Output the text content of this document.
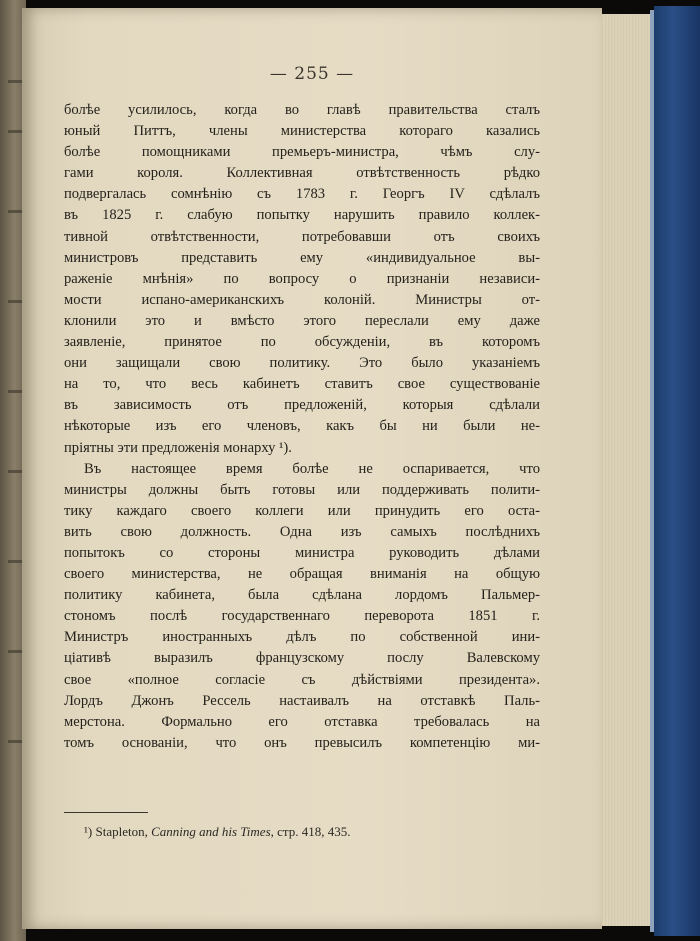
— 255 —
болѣе усилилось, когда во главѣ правительства сталъ
юный Питтъ, члены министерства котораго казались
болѣе помощниками премьеръ-министра, чѣмъ слу-
гами короля. Коллективная отвѣтственность рѣдко
подвергалась сомнѣнію съ 1783 г. Георгъ IV сдѣлалъ
въ 1825 г. слабую попытку нарушить правило коллек-
тивной отвѣтственности, потребовавши отъ своихъ
министровъ представить ему «индивидуальное вы-
раженіе мнѣнія» по вопросу о признаніи независи-
мости испано-американскихъ колоній. Министры от-
клонили это и вмѣсто этого переслали ему даже
заявленіе, принятое по обсужденіи, въ которомъ
они защищали свою политику. Это было указаніемъ
на то, что весь кабинетъ ставитъ свое существованіе
въ зависимость отъ предложеній, которыя сдѣлали
нѣкоторые изъ его членовъ, какъ бы ни были не-
пріятны эти предложенія монарху ¹).
Въ настоящее время болѣе не оспаривается, что
министры должны быть готовы или поддерживать полити-
тику каждаго своего коллеги или принудить его оста-
вить свою должность. Одна изъ самыхъ послѣднихъ
попытокъ со стороны министра руководить дѣлами
своего министерства, не обращая вниманія на общую
политику кабинета, была сдѣлана лордомъ Пальмер-
стономъ послѣ государственнаго переворота 1851 г.
Министръ иностранныхъ дѣлъ по собственной ини-
ціативѣ выразилъ французскому послу Валевскому
свое «полное согласіе съ дѣйствіями президента».
Лордъ Джонъ Рессель настаивалъ на отставкѣ Паль-
мерстона. Формально его отставка требовалась на
томъ основаніи, что онъ превысилъ компетенцію ми-
¹) Stapleton, Canning and his Times, стр. 418, 435.
